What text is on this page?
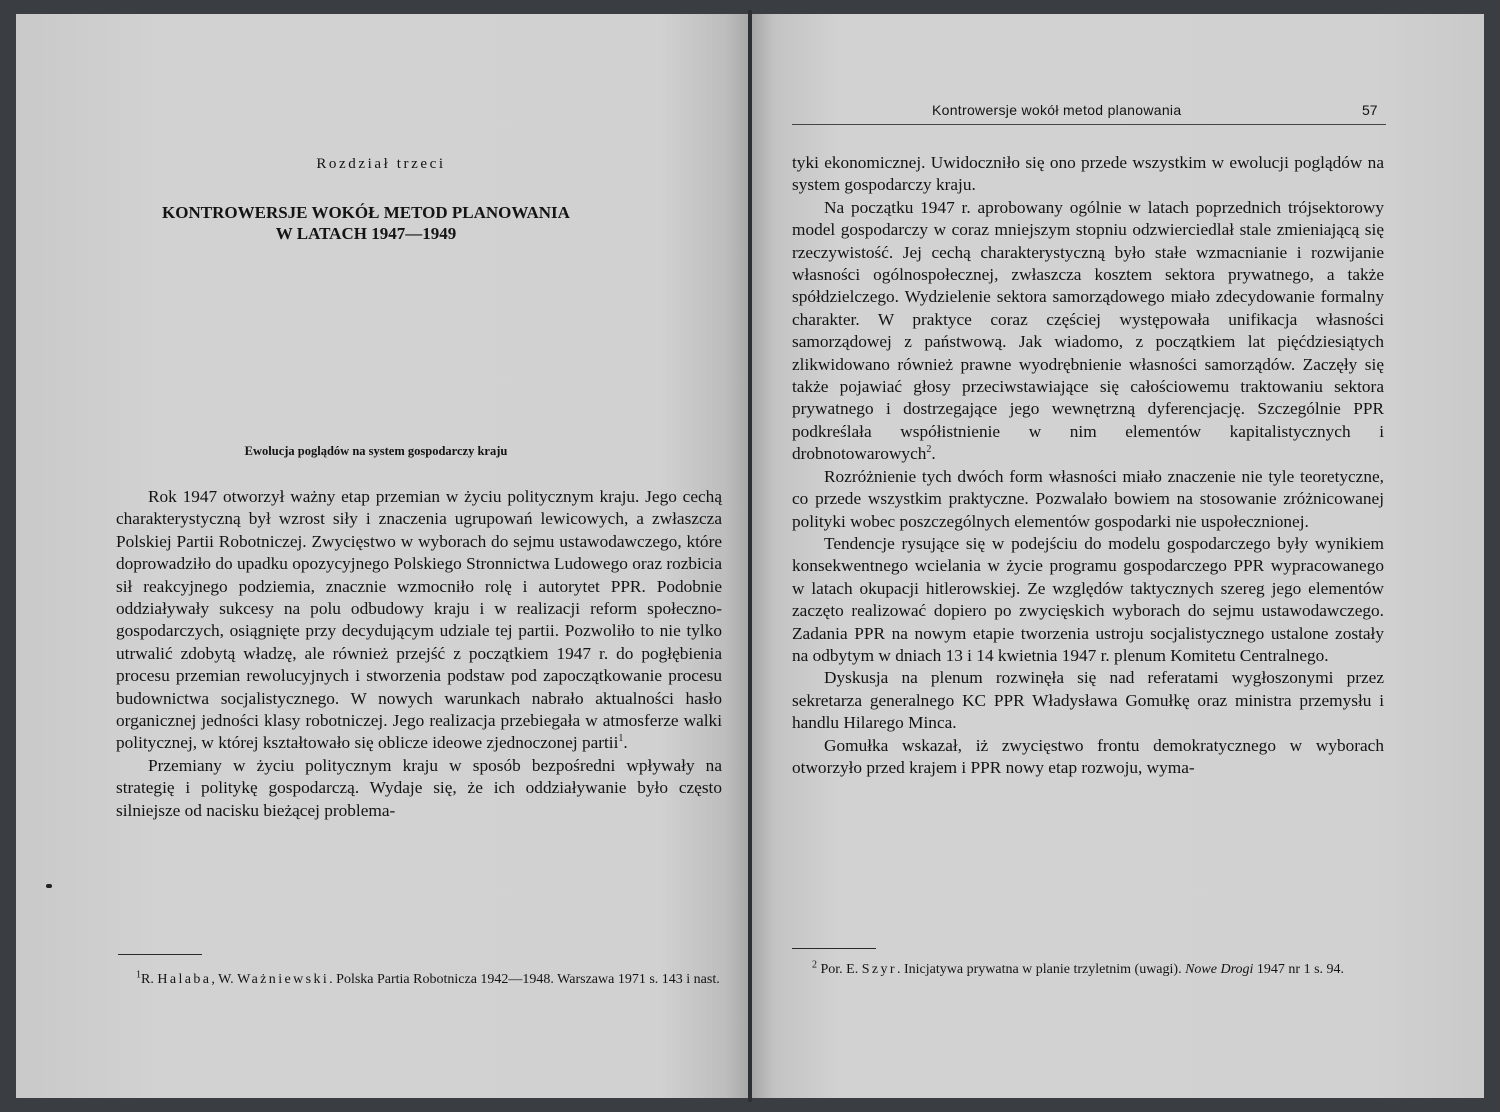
Rozdział trzeci
KONTROWERSJE WOKÓŁ METOD PLANOWANIA
W LATACH 1947—1949
Ewolucja poglądów na system gospodarczy kraju

Rok 1947 otworzył ważny etap przemian w życiu politycznym kraju. Jego cechą charakterystyczną był wzrost siły i znaczenia ugrupowań lewicowych, a zwłaszcza Polskiej Partii Robotniczej. Zwycięstwo w wyborach do sejmu ustawodawczego, które doprowadziło do upadku opozycyjnego Polskiego Stronnictwa Ludowego oraz rozbicia sił reakcyjnego podziemia, znacznie wzmocniło rolę i autorytet PPR. Podobnie oddziaływały sukcesy na polu odbudowy kraju i w realizacji reform społeczno-gospodarczych, osiągnięte przy decydującym udziale tej partii. Pozwoliło to nie tylko utrwalić zdobytą władzę, ale również przejść z początkiem 1947 r. do pogłębienia procesu przemian rewolucyjnych i stworzenia podstaw pod zapoczątkowanie procesu budownictwa socjalistycznego. W nowych warunkach nabrało aktualności hasło organicznej jedności klasy robotniczej. Jego realizacja przebiegała w atmosferze walki politycznej, w której kształtowało się oblicze ideowe zjednoczonej partii$^1$.

Przemiany w życiu politycznym kraju w sposób bezpośredni wpływały na strategię i politykę gospodarczą. Wydaje się, że ich oddziaływanie było często silniejsze od nacisku bieżącej problema-

$^1$R. Halaba, W. Ważniewski. Polska Partia Robotnicza 1942—1948. Warszawa 1971 s. 143 i nast.
Kontrowersje wokół metod planowania	57

tyki ekonomicznej. Uwidoczniło się ono przede wszystkim w ewolucji poglądów na system gospodarczy kraju.

Na początku 1947 r. aprobowany ogólnie w latach poprzednich trójsektorowy model gospodarczy w coraz mniejszym stopniu odzwierciedlał stale zmieniającą się rzeczywistość. Jej cechą charakterystyczną było stałe wzmacnianie i rozwijanie własności ogólnospołecznej, zwłaszcza kosztem sektora prywatnego, a także spółdzielczego. Wydzielenie sektora samorządowego miało zdecydowanie formalny charakter. W praktyce coraz częściej występowała unifikacja własności samorządowej z państwową. Jak wiadomo, z początkiem lat pięćdziesiątych zlikwidowano również prawne wyodrębnienie własności samorządów. Zaczęły się także pojawiać głosy przeciwstawiające się całościowemu traktowaniu sektora prywatnego i dostrzegające jego wewnętrzną dyferencjację. Szczególnie PPR podkreślała współistnienie w nim elementów kapitalistycznych i drobnotowarowych$^2$.

Rozróżnienie tych dwóch form własności miało znaczenie nie tyle teoretyczne, co przede wszystkim praktyczne. Pozwalało bowiem na stosowanie zróżnicowanej polityki wobec poszczególnych elementów gospodarki nie uspołecznionej.

Tendencje rysujące się w podejściu do modelu gospodarczego były wynikiem konsekwentnego wcielania w życie programu gospodarczego PPR wypracowanego w latach okupacji hitlerowskiej. Ze względów taktycznych szereg jego elementów zaczęto realizować dopiero po zwycięskich wyborach do sejmu ustawodawczego. Zadania PPR na nowym etapie tworzenia ustroju socjalistycznego ustalone zostały na odbytym w dniach 13 i 14 kwietnia 1947 r. plenum Komitetu Centralnego.

Dyskusja na plenum rozwinęła się nad referatami wygłoszonymi przez sekretarza generalnego KC PPR Władysława Gomułkę oraz ministra przemysłu i handlu Hilarego Minca.

Gomułka wskazał, iż zwycięstwo frontu demokratycznego w wyborach otworzyło przed krajem i PPR nowy etap rozwoju, wyma-

$^2$ Por. E. Szyr. Inicjatywa prywatna w planie trzyletnim (uwagi). Nowe Drogi 1947 nr 1 s. 94.
